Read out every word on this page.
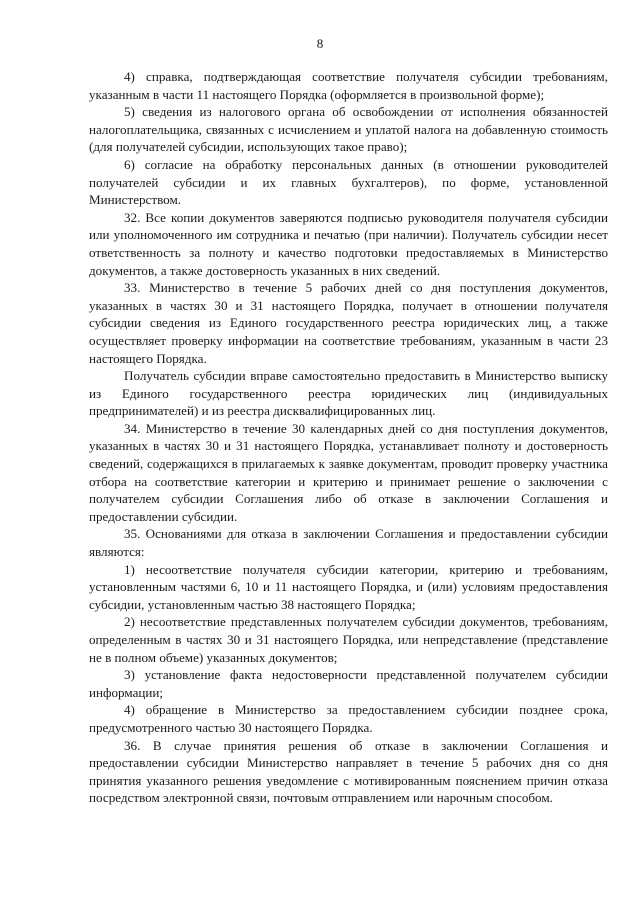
8

4) справка, подтверждающая соответствие получателя субсидии требованиям, указанным в части 11 настоящего Порядка (оформляется в произвольной форме);

5) сведения из налогового органа об освобождении от исполнения обязанностей налогоплательщика, связанных с исчислением и уплатой налога на добавленную стоимость (для получателей субсидии, использующих такое право);

6) согласие на обработку персональных данных (в отношении руководителей получателей субсидии и их главных бухгалтеров), по форме, установленной Министерством.

32. Все копии документов заверяются подписью руководителя получателя субсидии или уполномоченного им сотрудника и печатью (при наличии). Получатель субсидии несет ответственность за полноту и качество подготовки предоставляемых в Министерство документов, а также достоверность указанных в них сведений.

33. Министерство в течение 5 рабочих дней со дня поступления документов, указанных в частях 30 и 31 настоящего Порядка, получает в отношении получателя субсидии сведения из Единого государственного реестра юридических лиц, а также осуществляет проверку информации на соответствие требованиям, указанным в части 23 настоящего Порядка.

Получатель субсидии вправе самостоятельно предоставить в Министерство выписку из Единого государственного реестра юридических лиц (индивидуальных предпринимателей) и из реестра дисквалифицированных лиц.

34. Министерство в течение 30 календарных дней со дня поступления документов, указанных в частях 30 и 31 настоящего Порядка, устанавливает полноту и достоверность сведений, содержащихся в прилагаемых к заявке документам, проводит проверку участника отбора на соответствие категории и критерию и принимает решение о заключении с получателем субсидии Соглашения либо об отказе в заключении Соглашения и предоставлении субсидии.

35. Основаниями для отказа в заключении Соглашения и предоставлении субсидии являются:

1) несоответствие получателя субсидии категории, критерию и требованиям, установленным частями 6, 10 и 11 настоящего Порядка, и (или) условиям предоставления субсидии, установленным частью 38 настоящего Порядка;

2) несоответствие представленных получателем субсидии документов, требованиям, определенным в частях 30 и 31 настоящего Порядка, или непредставление (представление не в полном объеме) указанных документов;

3) установление факта недостоверности представленной получателем субсидии информации;

4) обращение в Министерство за предоставлением субсидии позднее срока, предусмотренного частью 30 настоящего Порядка.

36. В случае принятия решения об отказе в заключении Соглашения и предоставлении субсидии Министерство направляет в течение 5 рабочих дня со дня принятия указанного решения уведомление с мотивированным пояснением причин отказа посредством электронной связи, почтовым отправлением или нарочным способом.
